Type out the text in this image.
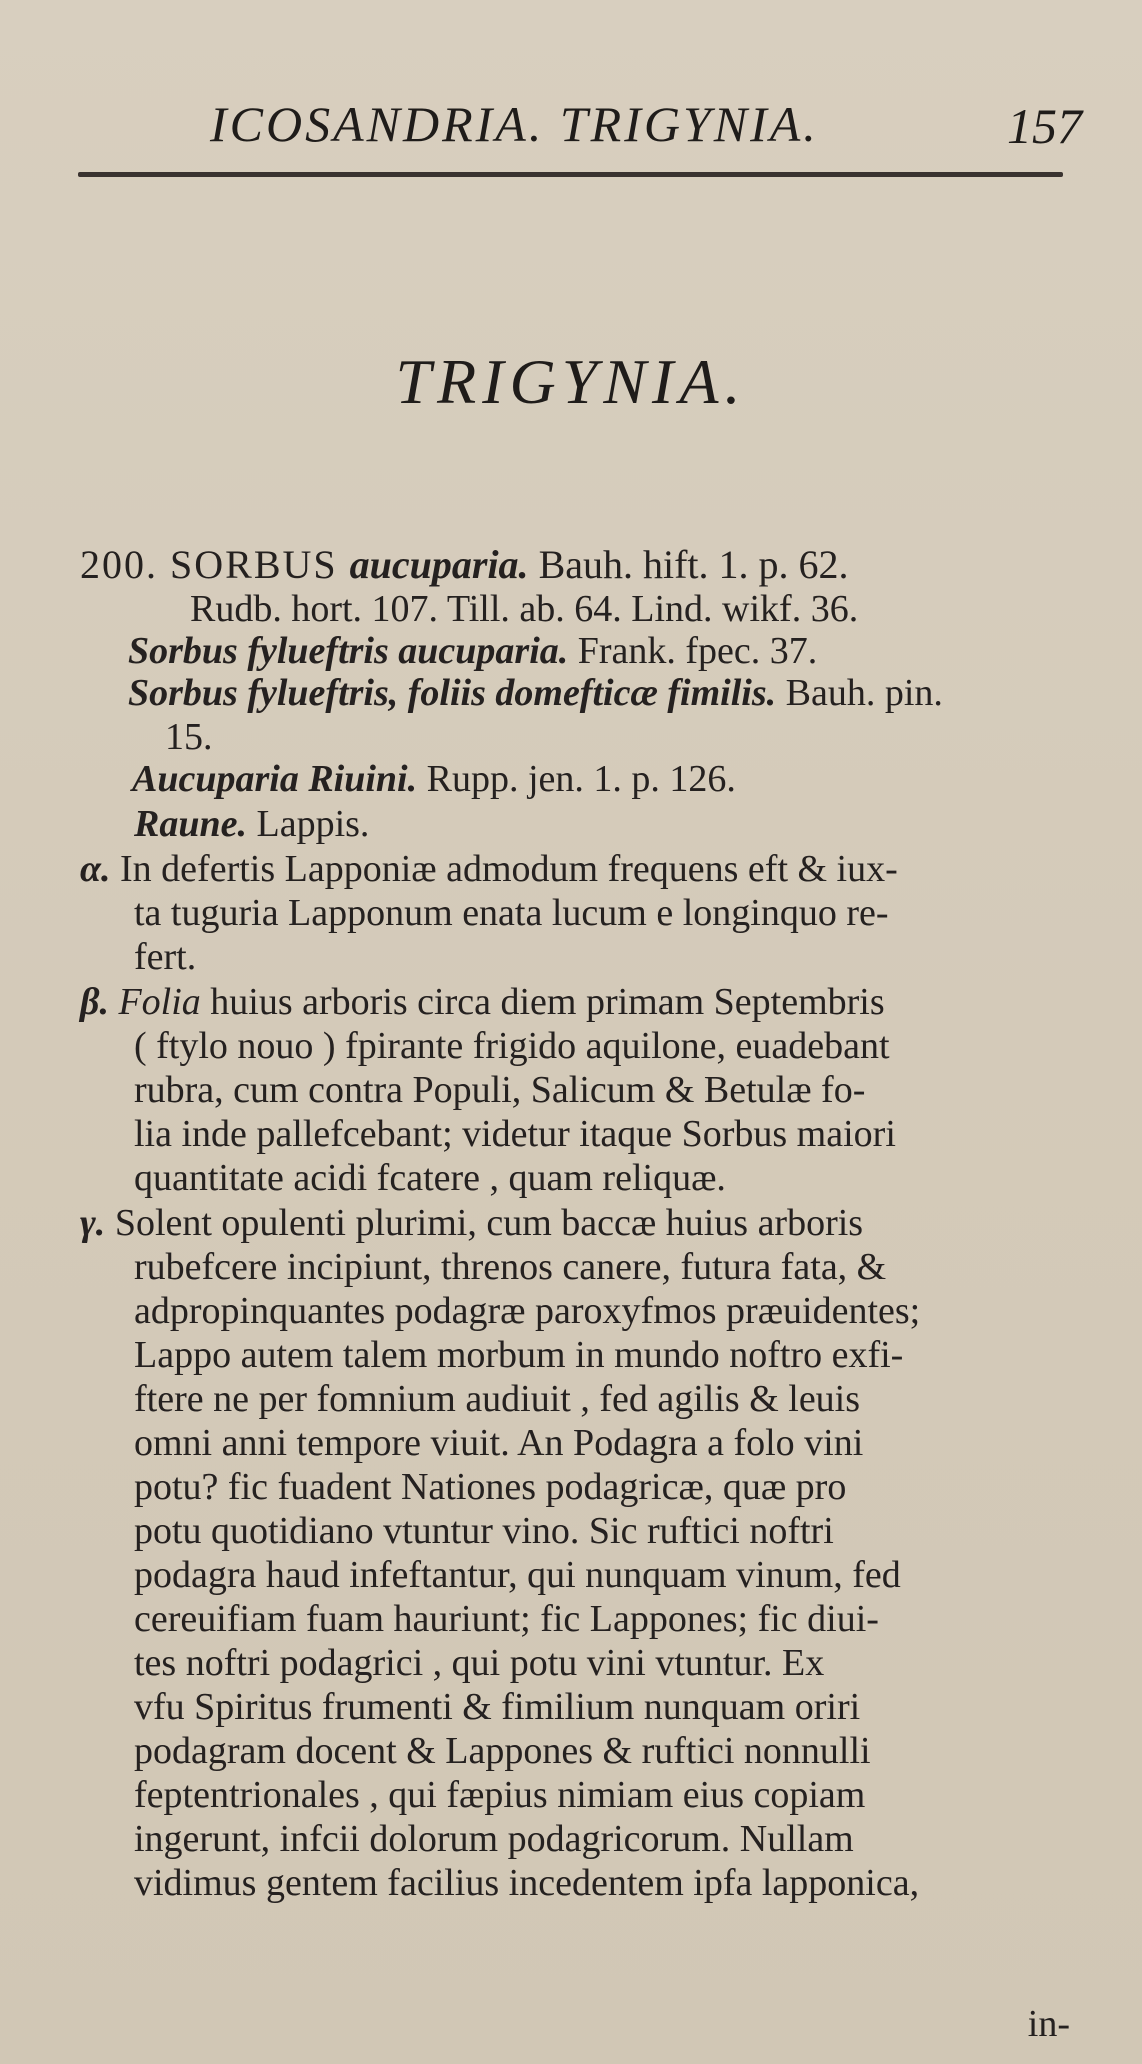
ICOSANDRIA. TRIGYNIA.	157
TRIGYNIA.
200. SORBUS aucuparia. Bauh. hift. 1. p. 62.
Rudb. hort. 107. Till. ab. 64. Lind. wikf. 36.
Sorbus fylueftris aucuparia. Frank. fpec. 37.
Sorbus fylueftris, foliis domefticæ fimilis. Bauh. pin.
15.
Aucuparia Riuini. Rupp. jen. 1. p. 126.
Raune. Lappis.
α. In defertis Lapponiæ admodum frequens eft & iux-
ta tuguria Lapponum enata lucum e longinquo re-
fert.
β. Folia huius arboris circa diem primam Septembris
( ftylo nouo ) fpirante frigido aquilone, euadebant
rubra, cum contra Populi, Salicum & Betulæ fo-
lia inde pallefcebant; videtur itaque Sorbus maiori
quantitate acidi fcatere , quam reliquæ.
γ. Solent opulenti plurimi, cum baccæ huius arboris
rubefcere incipiunt, threnos canere, futura fata, &
adpropinquantes podagræ paroxyfmos præuidentes;
Lappo autem talem morbum in mundo noftro exfi-
ftere ne per fomnium audiuit , fed agilis & leuis
omni anni tempore viuit. An Podagra a folo vini
potu? fic fuadent Nationes podagricæ, quæ pro
potu quotidiano vtuntur vino. Sic ruftici noftri
podagra haud infeftantur, qui nunquam vinum, fed
cereuifiam fuam hauriunt; fic Lappones; fic diui-
tes noftri podagrici , qui potu vini vtuntur. Ex
vfu Spiritus frumenti & fimilium nunquam oriri
podagram docent & Lappones & ruftici nonnulli
feptentrionales , qui fæpius nimiam eius copiam
ingerunt, infcii dolorum podagricorum. Nullam
vidimus gentem facilius incedentem ipfa lapponica,
in-
